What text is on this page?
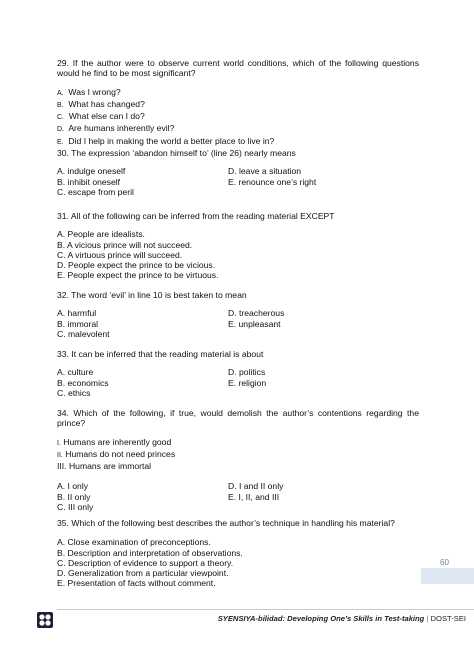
29. If the author were to observe current world conditions, which of the following questions would he find to be most significant?

A. Was I wrong?
B. What has changed?
C. What else can I do?
D. Are humans inherently evil?
E. Did I help in making the world a better place to live in?

30. The expression ‘abandon himself to’ (line 26) nearly means

A. indulge oneself
B. inhibit oneself
C. escape from peril
D. leave a situation
E. renounce one’s right

31. All of the following can be inferred from the reading material EXCEPT

A. People are idealists.
B. A vicious prince will not succeed.
C. A virtuous prince will succeed.
D. People expect the prince to be vicious.
E. People expect the prince to be virtuous.

32. The word ‘evil’ in line 10 is best taken to mean

A. harmful
B. immoral
C. malevolent
D. treacherous
E. unpleasant

33. It can be inferred that the reading material is about

A. culture
B. economics
C. ethics
D. politics
E. religion

34. Which of the following, if true, would demolish the author’s contentions regarding the prince?

I. Humans are inherently good
II. Humans do not need princes
III. Humans are immortal
A. I only
B. II only
C. III only
D. I and II only
E. I, II, and III

35. Which of the following best describes the author’s technique in handling his material?

A. Close examination of preconceptions.
B. Description and interpretation of observations.
C. Description of evidence to support a theory.
D. Generalization from a particular viewpoint.
E. Presentation of facts without comment.
60
SYENSIYA-bilidad: Developing One’s Skills in Test-taking | DOST-SEI
